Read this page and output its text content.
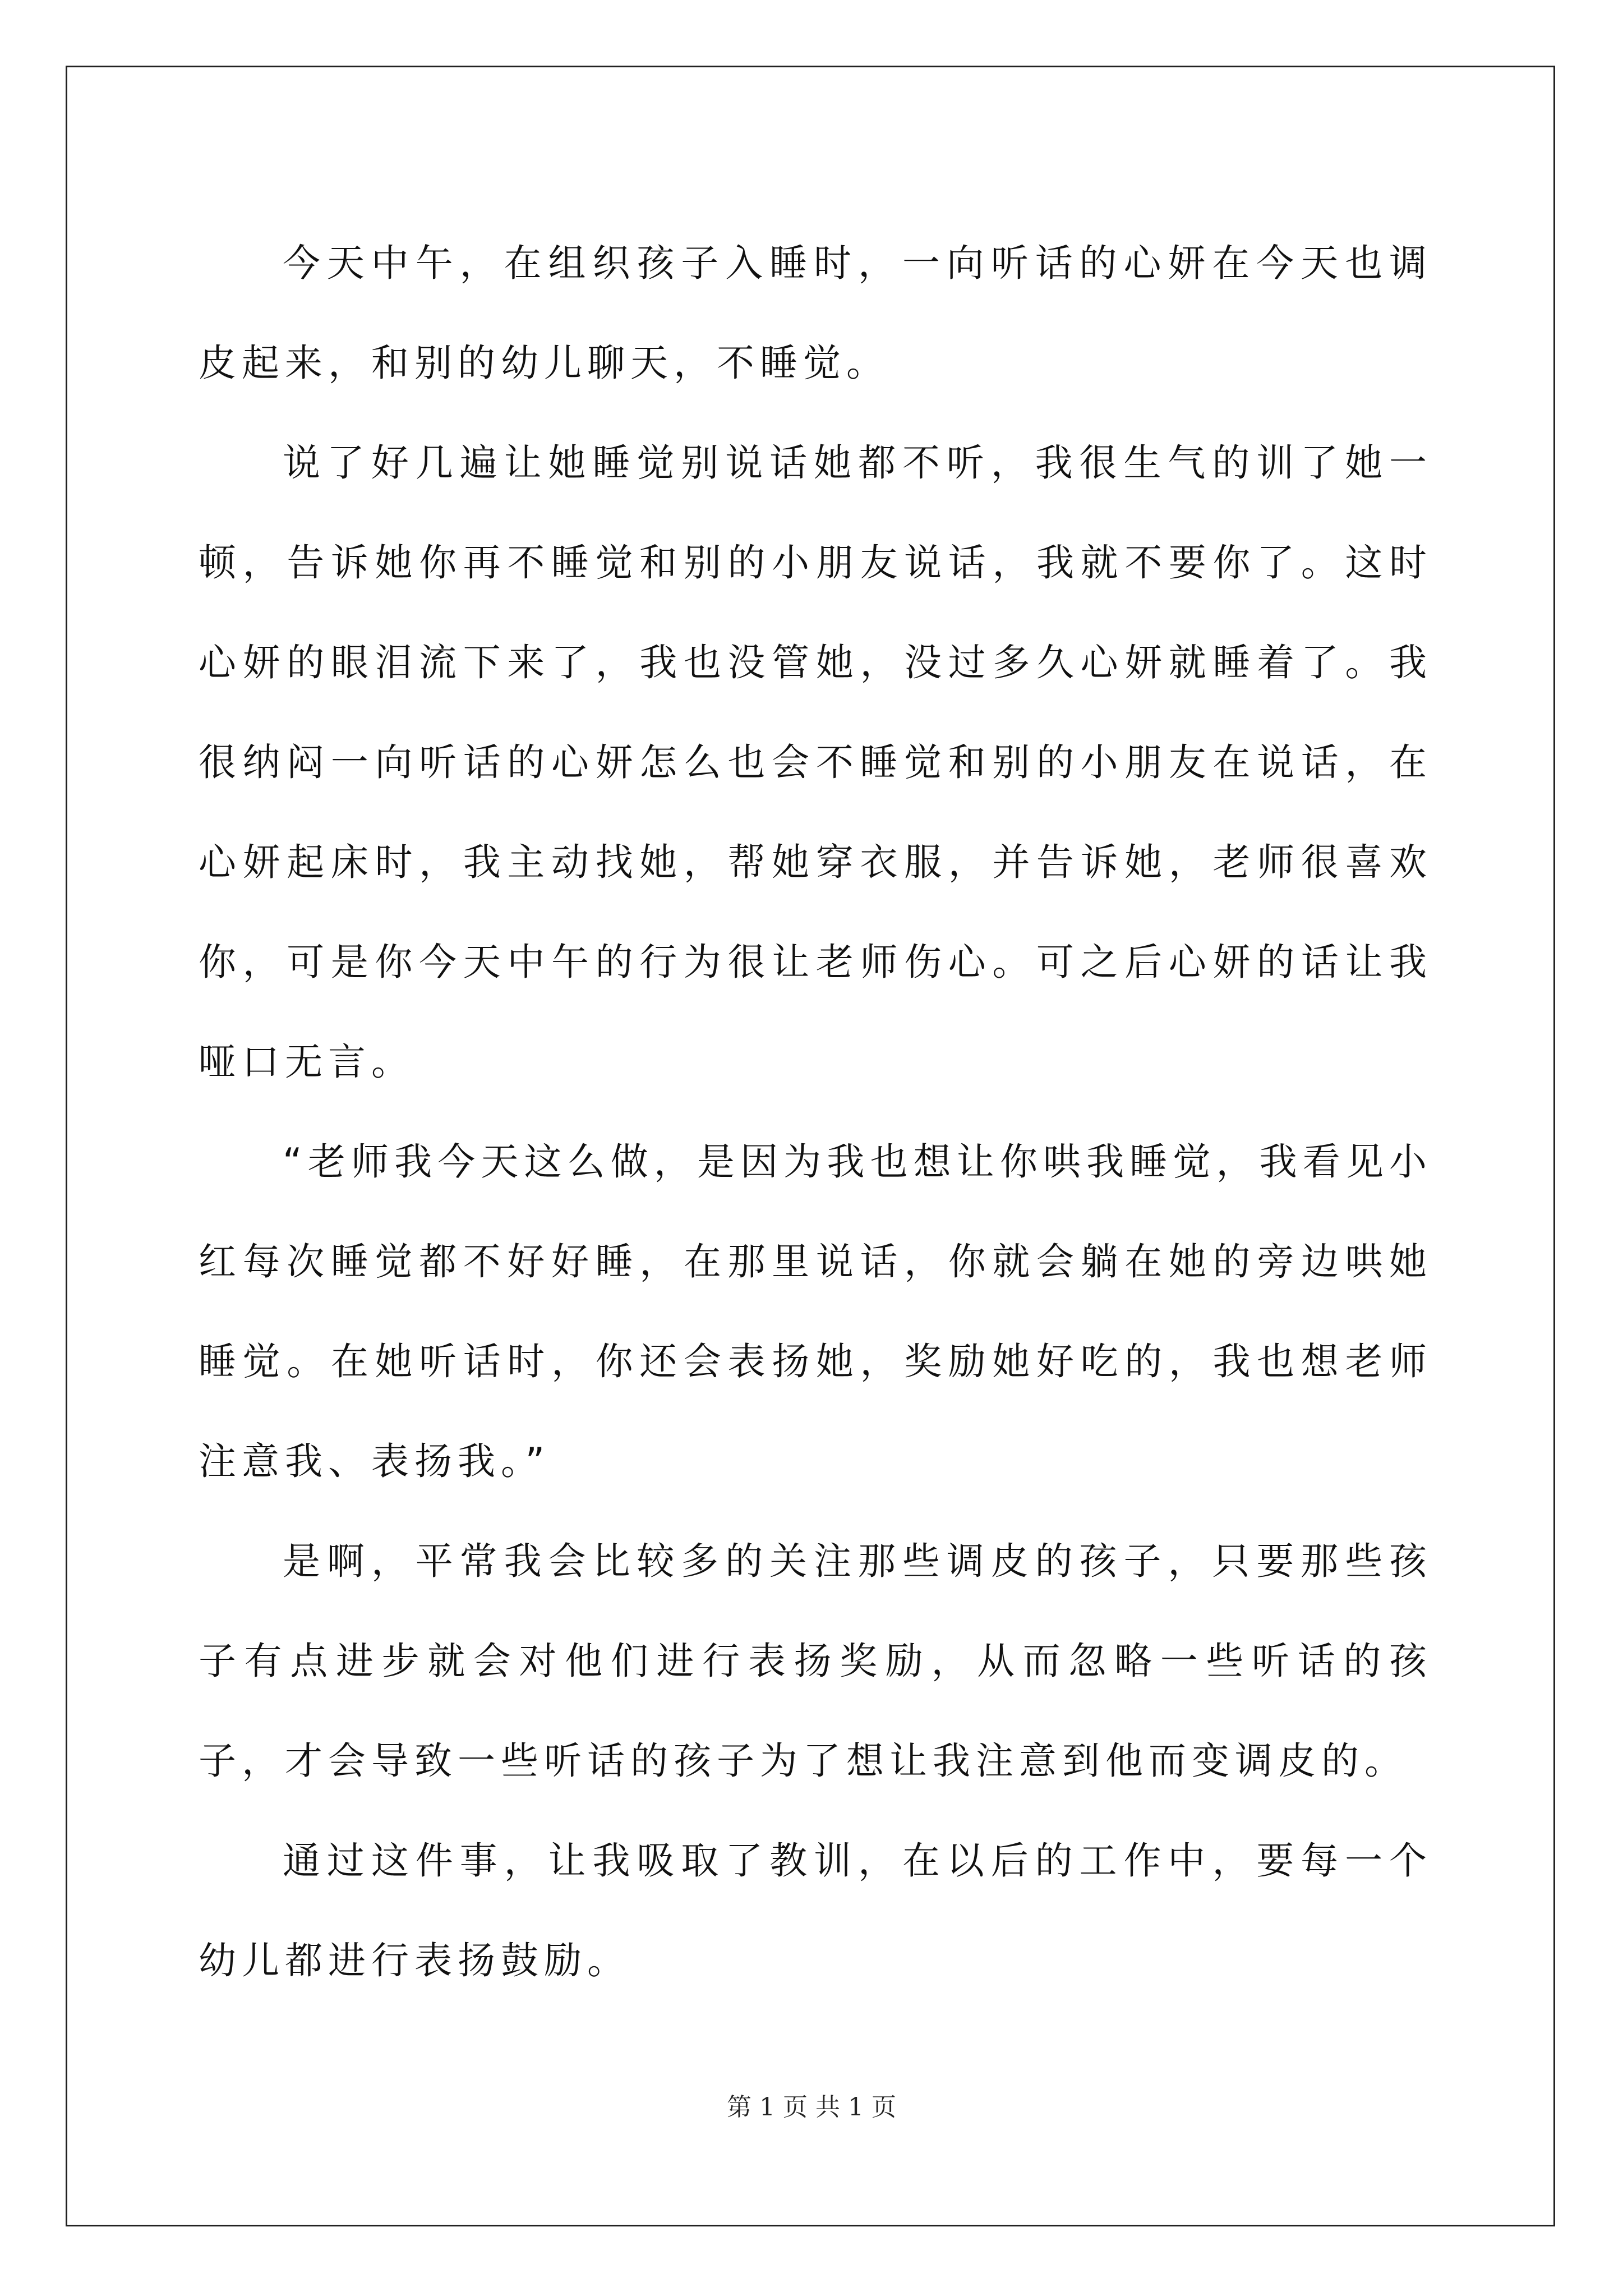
今天中午，在组织孩子入睡时，一向听话的心妍在今天也调皮起来，和别的幼儿聊天，不睡觉。

说了好几遍让她睡觉别说话她都不听，我很生气的训了她一顿，告诉她你再不睡觉和别的小朋友说话，我就不要你了。这时心妍的眼泪流下来了，我也没管她，没过多久心妍就睡着了。我很纳闷一向听话的心妍怎么也会不睡觉和别的小朋友在说话，在心妍起床时，我主动找她，帮她穿衣服，并告诉她，老师很喜欢你，可是你今天中午的行为很让老师伤心。可之后心妍的话让我哑口无言。

“老师我今天这么做，是因为我也想让你哄我睡觉，我看见小红每次睡觉都不好好睡，在那里说话，你就会躺在她的旁边哄她睡觉。在她听话时，你还会表扬她，奖励她好吃的，我也想老师注意我、表扬我。”

是啊，平常我会比较多的关注那些调皮的孩子，只要那些孩子有点进步就会对他们进行表扬奖励，从而忽略一些听话的孩子，才会导致一些听话的孩子为了想让我注意到他而变调皮的。

通过这件事，让我吸取了教训，在以后的工作中，要每一个幼儿都进行表扬鼓励。

第 1 页 共 1 页
